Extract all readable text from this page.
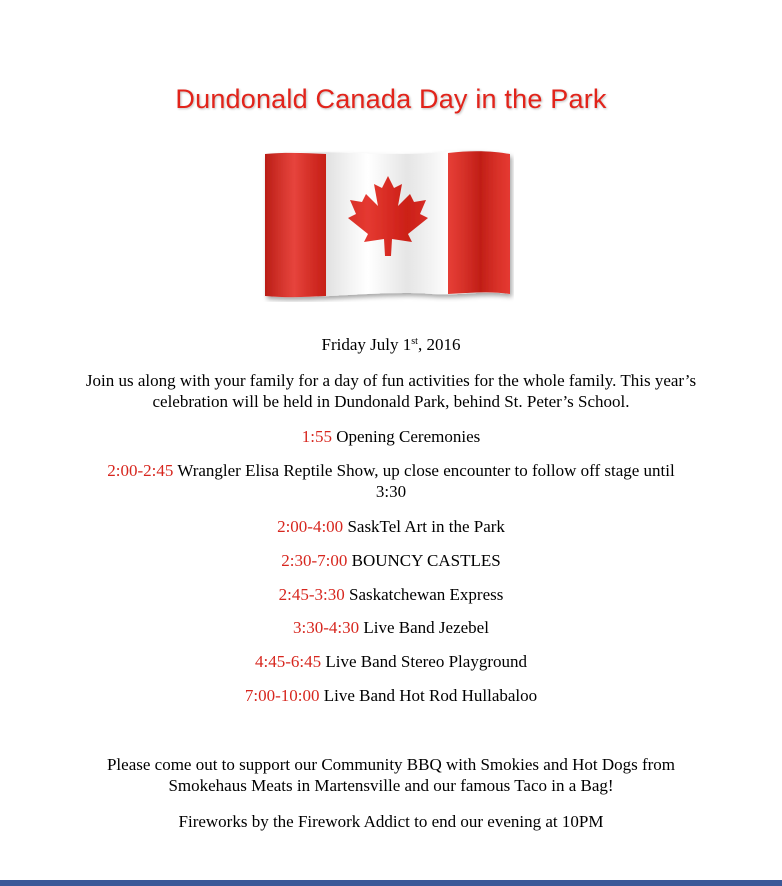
Dundonald Canada Day in the Park
Friday July 1st, 2016
Join us along with your family for a day of fun activities for the whole family. This year’s celebration will be held in Dundonald Park, behind St. Peter’s School.
1:55 Opening Ceremonies
2:00-2:45 Wrangler Elisa Reptile Show, up close encounter to follow off stage until 3:30
2:00-4:00 SaskTel Art in the Park
2:30-7:00 BOUNCY CASTLES
2:45-3:30 Saskatchewan Express
3:30-4:30 Live Band Jezebel
4:45-6:45 Live Band Stereo Playground
7:00-10:00 Live Band Hot Rod Hullabaloo
Please come out to support our Community BBQ with Smokies and Hot Dogs from Smokehaus Meats in Martensville and our famous Taco in a Bag!
Fireworks by the Firework Addict to end our evening at 10PM
